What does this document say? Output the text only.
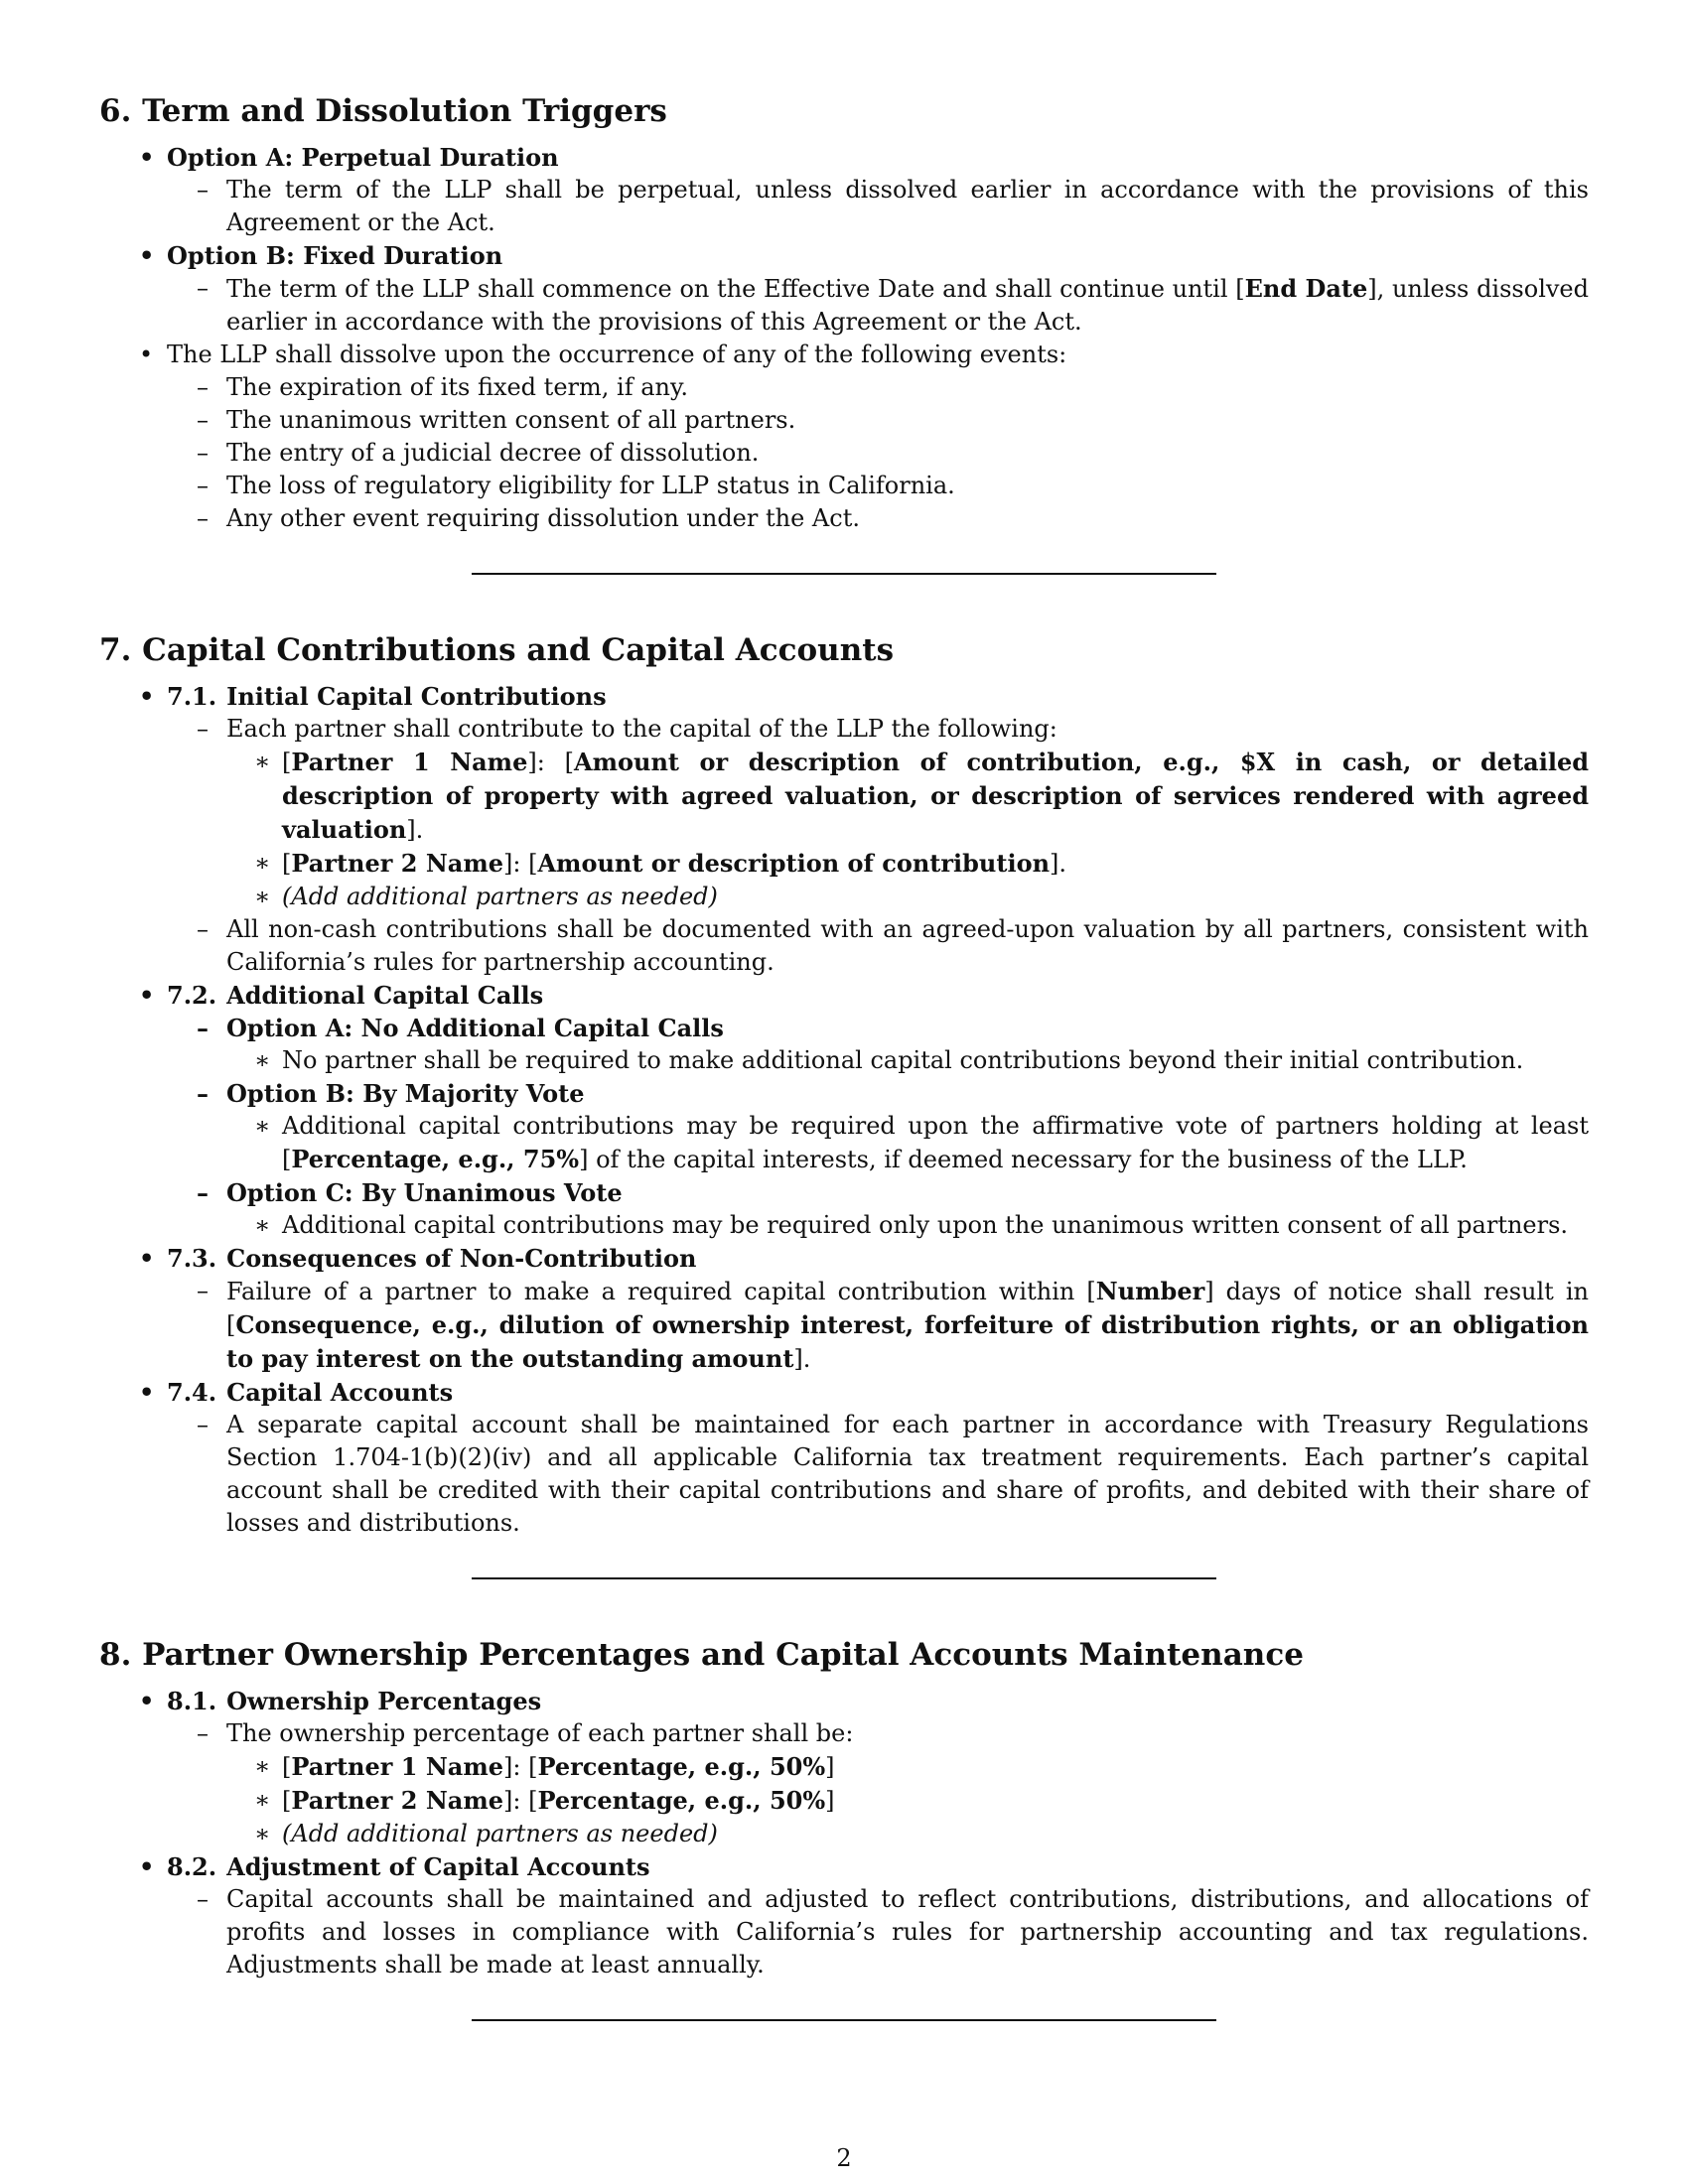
6. Term and Dissolution Triggers
• Option A: Perpetual Duration
– The term of the LLP shall be perpetual, unless dissolved earlier in accordance with the provisions of this Agreement or the Act.
• Option B: Fixed Duration
– The term of the LLP shall commence on the Effective Date and shall continue until [End Date], unless dissolved earlier in accordance with the provisions of this Agreement or the Act.
• The LLP shall dissolve upon the occurrence of any of the following events:
– The expiration of its fixed term, if any.
– The unanimous written consent of all partners.
– The entry of a judicial decree of dissolution.
– The loss of regulatory eligibility for LLP status in California.
– Any other event requiring dissolution under the Act.
7. Capital Contributions and Capital Accounts
• 7.1. Initial Capital Contributions
– Each partner shall contribute to the capital of the LLP the following:
∗ [Partner 1 Name]: [Amount or description of contribution, e.g., $X in cash, or detailed description of property with agreed valuation, or description of services rendered with agreed valuation].
∗ [Partner 2 Name]: [Amount or description of contribution].
∗ (Add additional partners as needed)
– All non-cash contributions shall be documented with an agreed-upon valuation by all partners, consistent with California’s rules for partnership accounting.
• 7.2. Additional Capital Calls
– Option A: No Additional Capital Calls
∗ No partner shall be required to make additional capital contributions beyond their initial contribution.
– Option B: By Majority Vote
∗ Additional capital contributions may be required upon the affirmative vote of partners holding at least [Percentage, e.g., 75%] of the capital interests, if deemed necessary for the business of the LLP.
– Option C: By Unanimous Vote
∗ Additional capital contributions may be required only upon the unanimous written consent of all partners.
• 7.3. Consequences of Non-Contribution
– Failure of a partner to make a required capital contribution within [Number] days of notice shall result in [Consequence, e.g., dilution of ownership interest, forfeiture of distribution rights, or an obligation to pay interest on the outstanding amount].
• 7.4. Capital Accounts
– A separate capital account shall be maintained for each partner in accordance with Treasury Regulations Section 1.704-1(b)(2)(iv) and all applicable California tax treatment requirements. Each partner’s capital account shall be credited with their capital contributions and share of profits, and debited with their share of losses and distributions.
8. Partner Ownership Percentages and Capital Accounts Maintenance
• 8.1. Ownership Percentages
– The ownership percentage of each partner shall be:
∗ [Partner 1 Name]: [Percentage, e.g., 50%]
∗ [Partner 2 Name]: [Percentage, e.g., 50%]
∗ (Add additional partners as needed)
• 8.2. Adjustment of Capital Accounts
– Capital accounts shall be maintained and adjusted to reflect contributions, distributions, and allocations of profits and losses in compliance with California’s rules for partnership accounting and tax regulations. Adjustments shall be made at least annually.
2
